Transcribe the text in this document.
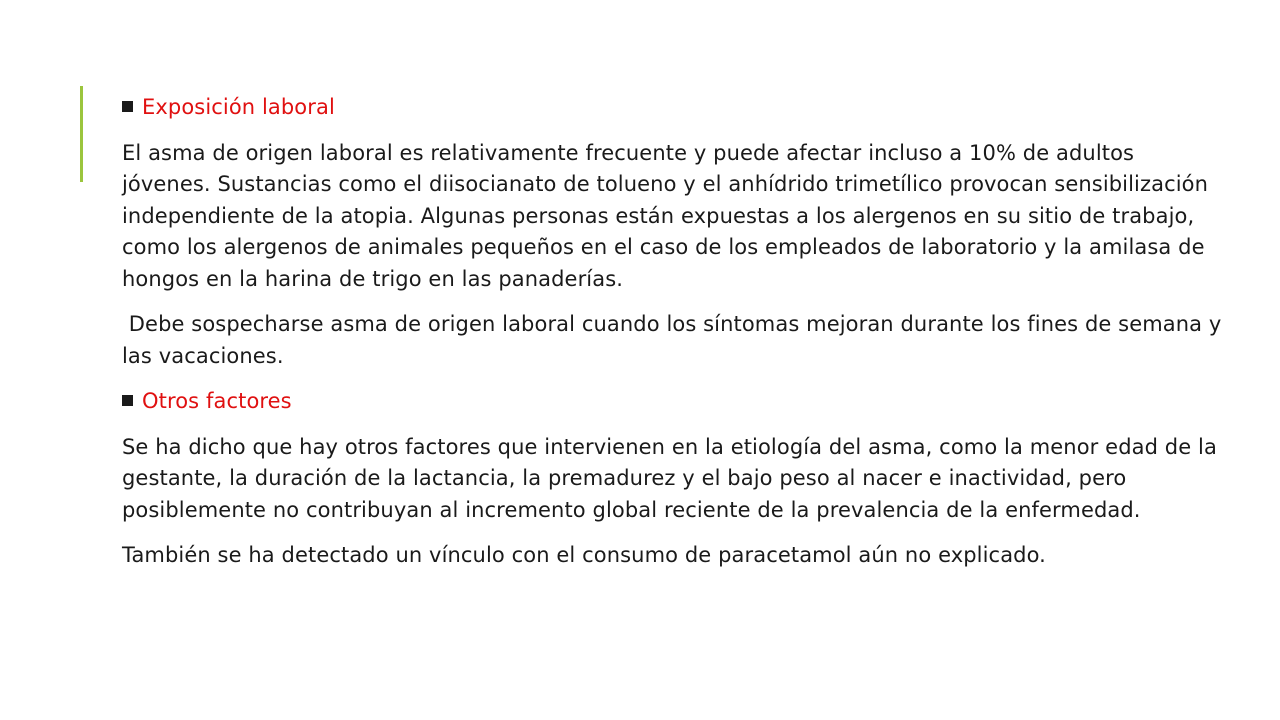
Exposición laboral

El asma de origen laboral es relativamente frecuente y puede afectar incluso a 10% de adultos jóvenes. Sustancias como el diisocianato de tolueno y el anhídrido trimetílico provocan sensibilización independiente de la atopia. Algunas personas están expuestas a los alergenos en su sitio de trabajo, como los alergenos de animales pequeños en el caso de los empleados de laboratorio y la amilasa de hongos en la harina de trigo en las panaderías.

Debe sospecharse asma de origen laboral cuando los síntomas mejoran durante los fines de semana y las vacaciones.

Otros factores

Se ha dicho que hay otros factores que intervienen en la etiología del asma, como la menor edad de la gestante, la duración de la lactancia, la premadurez y el bajo peso al nacer e inactividad, pero posiblemente no contribuyan al incremento global reciente de la prevalencia de la enfermedad.

También se ha detectado un vínculo con el consumo de paracetamol aún no explicado.
